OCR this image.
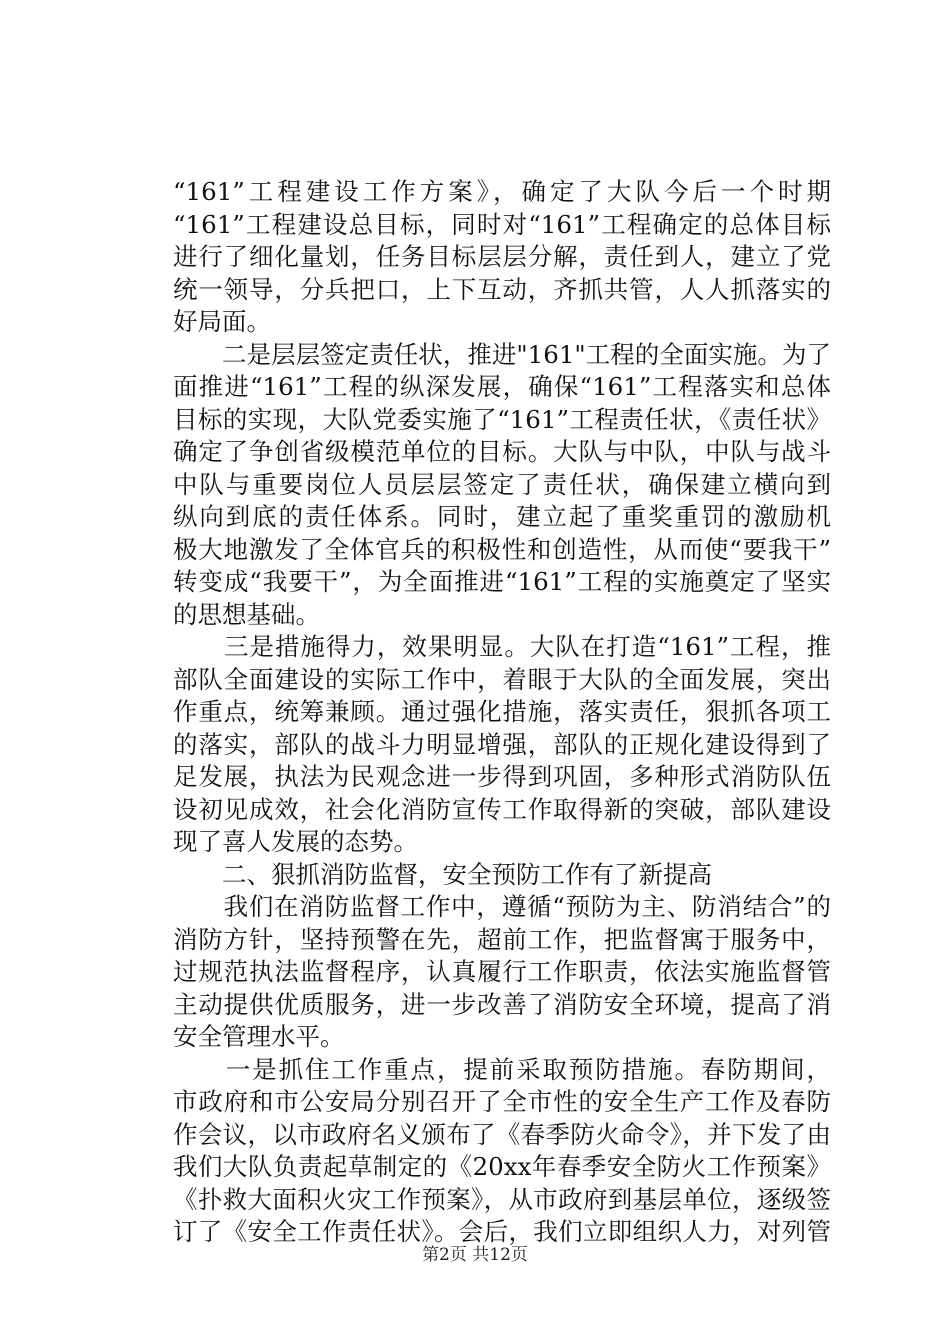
“161”工程建设工作方案》，确定了大队今后一个时期
“161”工程建设总目标，同时对“161”工程确定的总体目标
进行了细化量划，任务目标层层分解，责任到人，建立了党
统一领导，分兵把口，上下互动，齐抓共管，人人抓落实的
好局面。
　　二是层层签定责任状，推进"161"工程的全面实施。为了
面推进“161”工程的纵深发展，确保“161”工程落实和总体
目标的实现，大队党委实施了“161”工程责任状，《责任状》
确定了争创省级模范单位的目标。大队与中队，中队与战斗
中队与重要岗位人员层层签定了责任状，确保建立横向到
纵向到底的责任体系。同时，建立起了重奖重罚的激励机
极大地激发了全体官兵的积极性和创造性，从而使“要我干”
转变成“我要干”，为全面推进“161”工程的实施奠定了坚实
的思想基础。
　　三是措施得力，效果明显。大队在打造“161”工程，推
部队全面建设的实际工作中，着眼于大队的全面发展，突出
作重点，统筹兼顾。通过强化措施，落实责任，狠抓各项工
的落实，部队的战斗力明显增强，部队的正规化建设得到了
足发展，执法为民观念进一步得到巩固，多种形式消防队伍
设初见成效，社会化消防宣传工作取得新的突破，部队建设
现了喜人发展的态势。
　　二、狠抓消防监督，安全预防工作有了新提高
　　我们在消防监督工作中，遵循“预防为主、防消结合”的
消防方针，坚持预警在先，超前工作，把监督寓于服务中，
过规范执法监督程序，认真履行工作职责，依法实施监督管
主动提供优质服务，进一步改善了消防安全环境，提高了消
安全管理水平。
　　一是抓住工作重点，提前采取预防措施。春防期间，
市政府和市公安局分别召开了全市性的安全生产工作及春防
作会议，以市政府名义颁布了《春季防火命令》，并下发了由
我们大队负责起草制定的《20xx年春季安全防火工作预案》
《扑救大面积火灾工作预案》，从市政府到基层单位，逐级签
订了《安全工作责任状》。会后，我们立即组织人力，对列管
第2页 共12页
